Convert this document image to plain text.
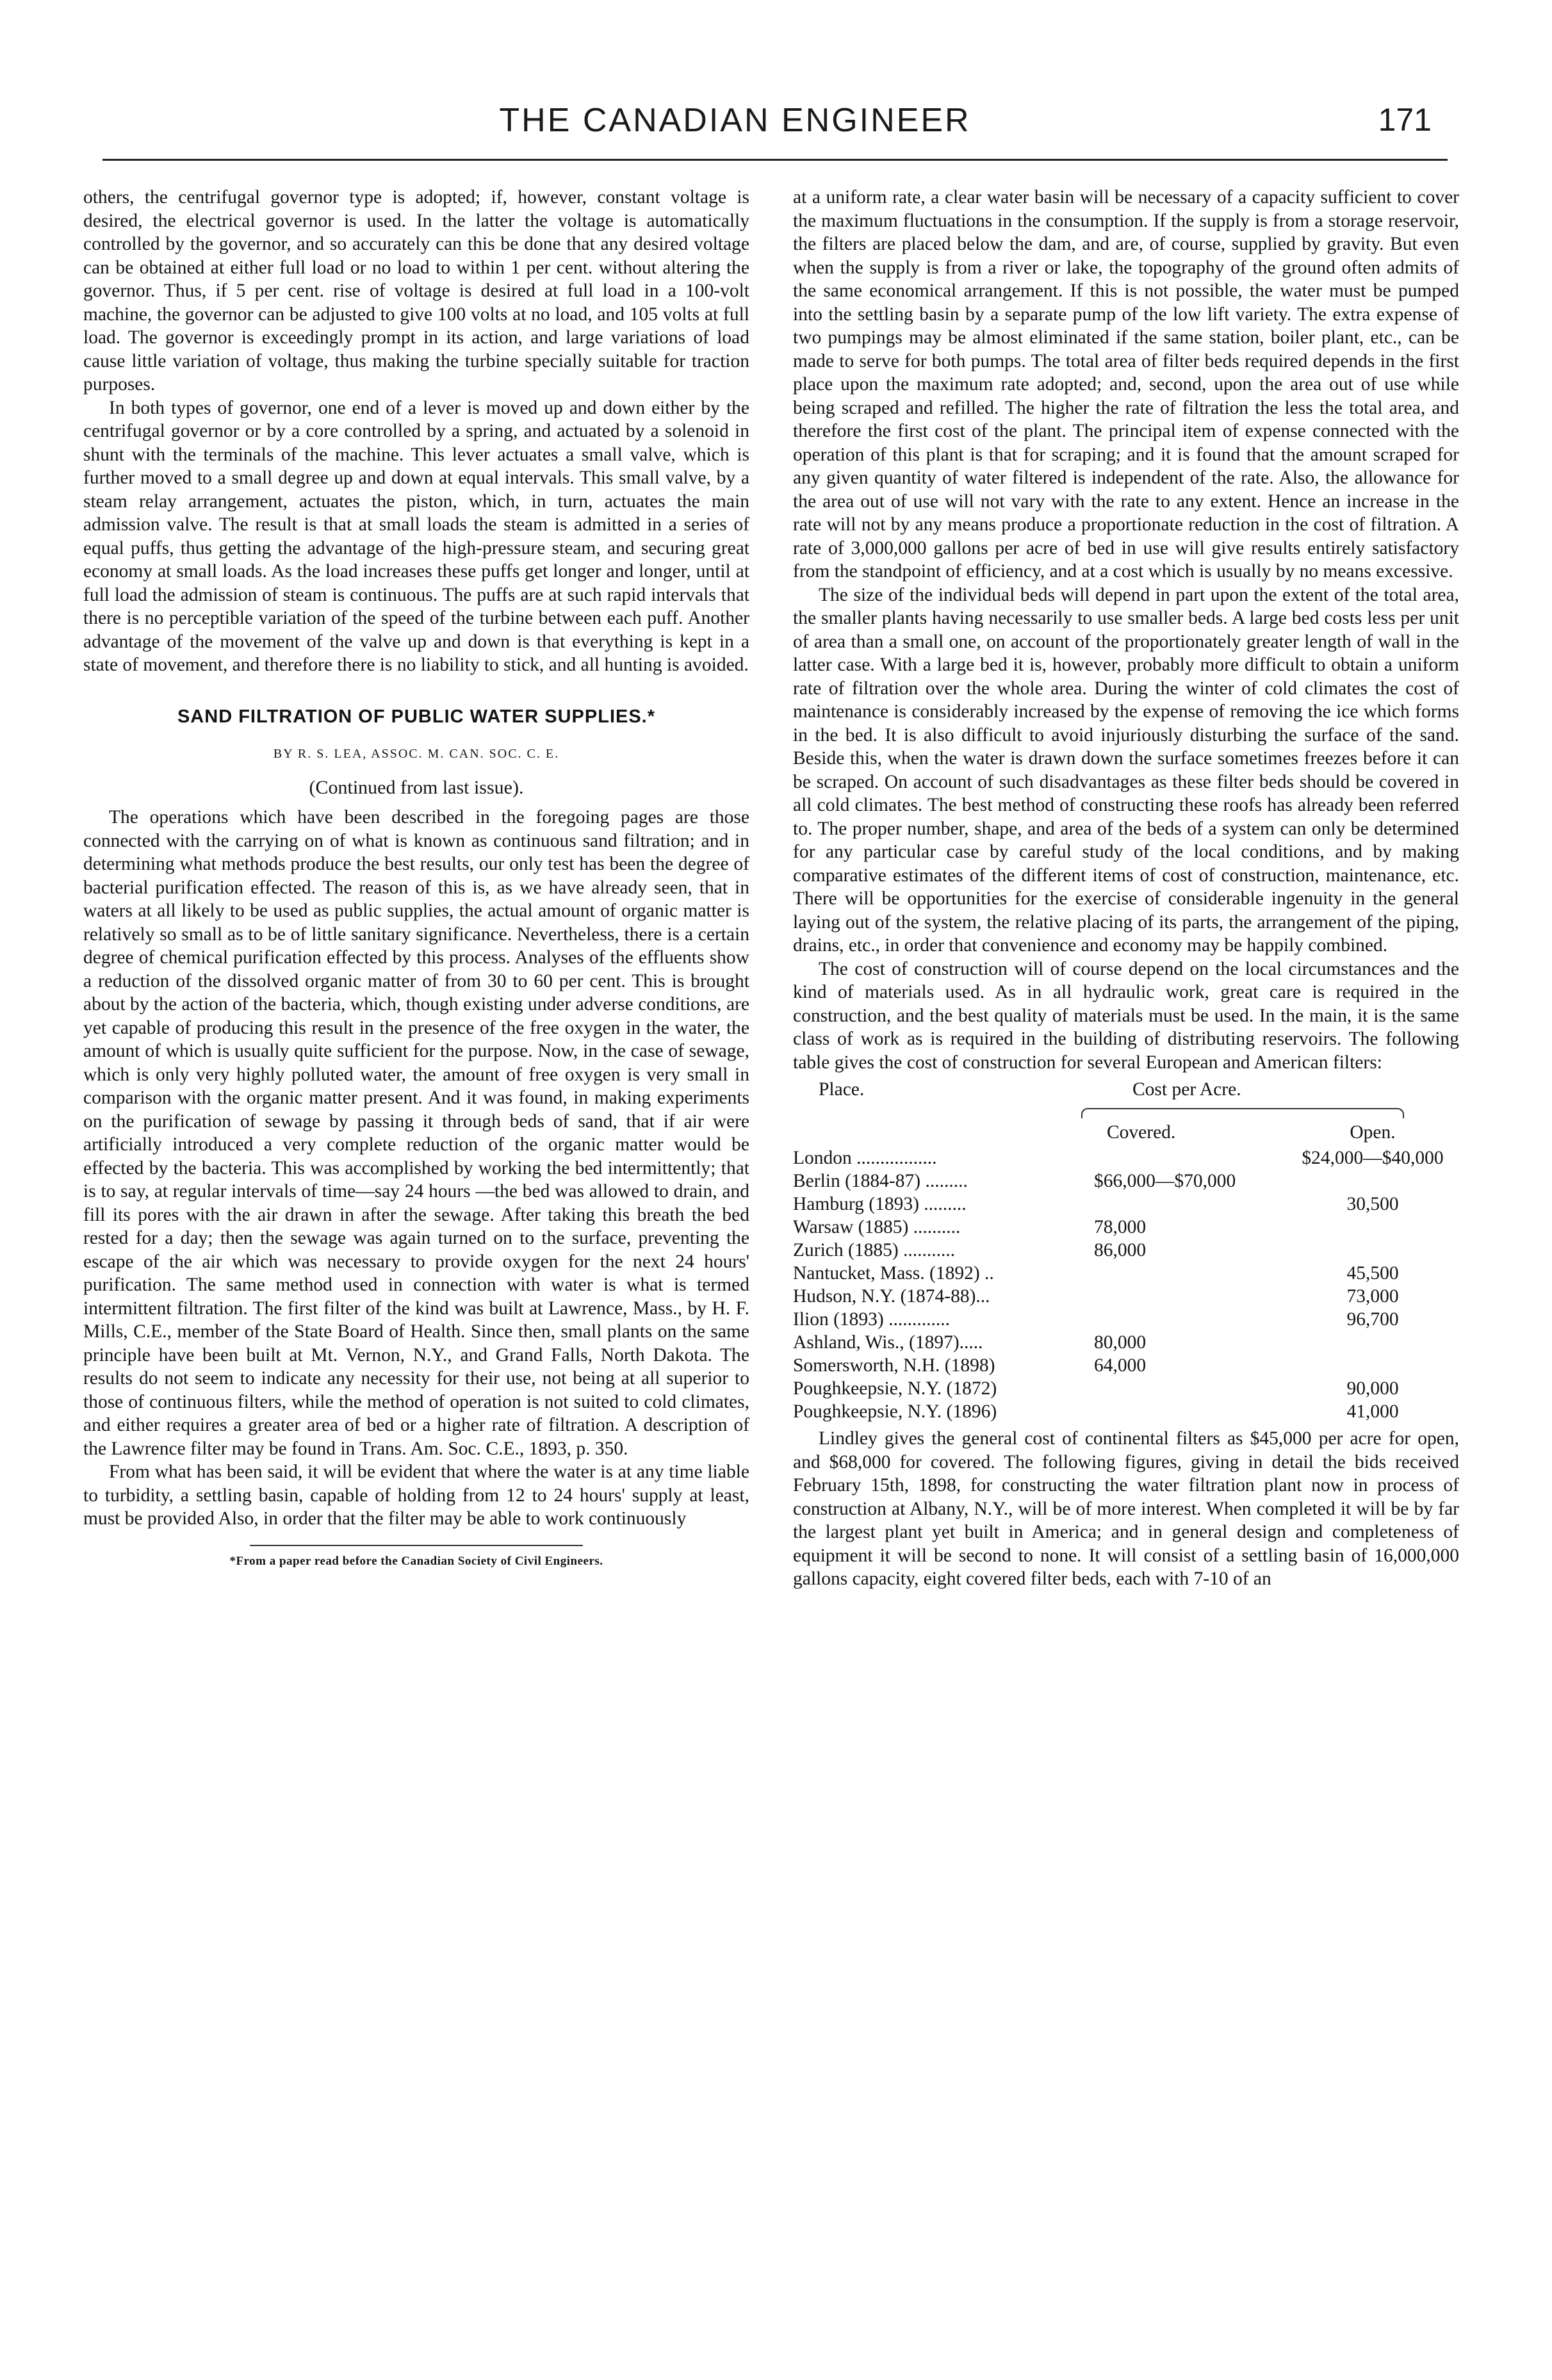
THE CANADIAN ENGINEER	171

others, the centrifugal governor type is adopted; if, however, constant voltage is desired, the electrical governor is used. In the latter the voltage is automatically controlled by the governor, and so accurately can this be done that any desired voltage can be obtained at either full load or no load to within 1 per cent. without altering the governor. Thus, if 5 per cent. rise of voltage is desired at full load in a 100-volt machine, the governor can be adjusted to give 100 volts at no load, and 105 volts at full load. The governor is exceedingly prompt in its action, and large variations of load cause little variation of voltage, thus making the turbine specially suitable for traction purposes.

In both types of governor, one end of a lever is moved up and down either by the centrifugal governor or by a core controlled by a spring, and actuated by a solenoid in shunt with the terminals of the machine. This lever actuates a small valve, which is further moved to a small degree up and down at equal intervals. This small valve, by a steam relay arrangement, actuates the piston, which, in turn, actuates the main admission valve. The result is that at small loads the steam is admitted in a series of equal puffs, thus getting the advantage of the high-pressure steam, and securing great economy at small loads. As the load increases these puffs get longer and longer, until at full load the admission of steam is continuous. The puffs are at such rapid intervals that there is no perceptible variation of the speed of the turbine between each puff. Another advantage of the movement of the valve up and down is that everything is kept in a state of movement, and therefore there is no liability to stick, and all hunting is avoided.

SAND FILTRATION OF PUBLIC WATER SUPPLIES.*
BY R. S. LEA, ASSOC. M. CAN. SOC. C. E.
(Continued from last issue).

The operations which have been described in the foregoing pages are those connected with the carrying on of what is known as continuous sand filtration; and in determining what methods produce the best results, our only test has been the degree of bacterial purification effected. The reason of this is, as we have already seen, that in waters at all likely to be used as public supplies, the actual amount of organic matter is relatively so small as to be of little sanitary significance. Nevertheless, there is a certain degree of chemical purification effected by this process. Analyses of the effluents show a reduction of the dissolved organic matter of from 30 to 60 per cent. This is brought about by the action of the bacteria, which, though existing under adverse conditions, are yet capable of producing this result in the presence of the free oxygen in the water, the amount of which is usually quite sufficient for the purpose. Now, in the case of sewage, which is only very highly polluted water, the amount of free oxygen is very small in comparison with the organic matter present. And it was found, in making experiments on the purification of sewage by passing it through beds of sand, that if air were artificially introduced a very complete reduction of the organic matter would be effected by the bacteria. This was accomplished by working the bed intermittently; that is to say, at regular intervals of time—say 24 hours —the bed was allowed to drain, and fill its pores with the air drawn in after the sewage. After taking this breath the bed rested for a day; then the sewage was again turned on to the surface, preventing the escape of the air which was necessary to provide oxygen for the next 24 hours' purification. The same method used in connection with water is what is termed intermittent filtration. The first filter of the kind was built at Lawrence, Mass., by H. F. Mills, C.E., member of the State Board of Health. Since then, small plants on the same principle have been built at Mt. Vernon, N.Y., and Grand Falls, North Dakota. The results do not seem to indicate any necessity for their use, not being at all superior to those of continuous filters, while the method of operation is not suited to cold climates, and either requires a greater area of bed or a higher rate of filtration. A description of the Lawrence filter may be found in Trans. Am. Soc. C.E., 1893, p. 350.

From what has been said, it will be evident that where the water is at any time liable to turbidity, a settling basin, capable of holding from 12 to 24 hours' supply at least, must be provided Also, in order that the filter may be able to work continuously

*From a paper read before the Canadian Society of Civil Engineers.

at a uniform rate, a clear water basin will be necessary of a capacity sufficient to cover the maximum fluctuations in the consumption. If the supply is from a storage reservoir, the filters are placed below the dam, and are, of course, supplied by gravity. But even when the supply is from a river or lake, the topography of the ground often admits of the same economical arrangement. If this is not possible, the water must be pumped into the settling basin by a separate pump of the low lift variety. The extra expense of two pumpings may be almost eliminated if the same station, boiler plant, etc., can be made to serve for both pumps. The total area of filter beds required depends in the first place upon the maximum rate adopted; and, second, upon the area out of use while being scraped and refilled. The higher the rate of filtration the less the total area, and therefore the first cost of the plant. The principal item of expense connected with the operation of this plant is that for scraping; and it is found that the amount scraped for any given quantity of water filtered is independent of the rate. Also, the allowance for the area out of use will not vary with the rate to any extent. Hence an increase in the rate will not by any means produce a proportionate reduction in the cost of filtration. A rate of 3,000,000 gallons per acre of bed in use will give results entirely satisfactory from the standpoint of efficiency, and at a cost which is usually by no means excessive.

The size of the individual beds will depend in part upon the extent of the total area, the smaller plants having necessarily to use smaller beds. A large bed costs less per unit of area than a small one, on account of the proportionately greater length of wall in the latter case. With a large bed it is, however, probably more difficult to obtain a uniform rate of filtration over the whole area. During the winter of cold climates the cost of maintenance is considerably increased by the expense of removing the ice which forms in the bed. It is also difficult to avoid injuriously disturbing the surface of the sand. Beside this, when the water is drawn down the surface sometimes freezes before it can be scraped. On account of such disadvantages as these filter beds should be covered in all cold climates. The best method of constructing these roofs has already been referred to. The proper number, shape, and area of the beds of a system can only be determined for any particular case by careful study of the local conditions, and by making comparative estimates of the different items of cost of construction, maintenance, etc. There will be opportunities for the exercise of considerable ingenuity in the general laying out of the system, the relative placing of its parts, the arrangement of the piping, drains, etc., in order that convenience and economy may be happily combined.

The cost of construction will of course depend on the local circumstances and the kind of materials used. As in all hydraulic work, great care is required in the construction, and the best quality of materials must be used. In the main, it is the same class of work as is required in the building of distributing reservoirs. The following table gives the cost of construction for several European and American filters:

Place.	Cost per Acre.
Covered.	Open.
London .................		$24,000—$40,000
Berlin (1884-87) .........	$66,000—$70,000	
Hamburg (1893) .........		30,500
Warsaw (1885) ..........	78,000	
Zurich (1885) ...........	86,000	
Nantucket, Mass. (1892) ..		45,500
Hudson, N.Y. (1874-88)...		73,000
Ilion (1893) .............		96,700
Ashland, Wis., (1897).....	80,000	
Somersworth, N.H. (1898)	64,000	
Poughkeepsie, N.Y. (1872)		90,000
Poughkeepsie, N.Y. (1896)		41,000

Lindley gives the general cost of continental filters as $45,000 per acre for open, and $68,000 for covered. The following figures, giving in detail the bids received February 15th, 1898, for constructing the water filtration plant now in process of construction at Albany, N.Y., will be of more interest. When completed it will be by far the largest plant yet built in America; and in general design and completeness of equipment it will be second to none. It will consist of a settling basin of 16,000,000 gallons capacity, eight covered filter beds, each with 7-10 of an
